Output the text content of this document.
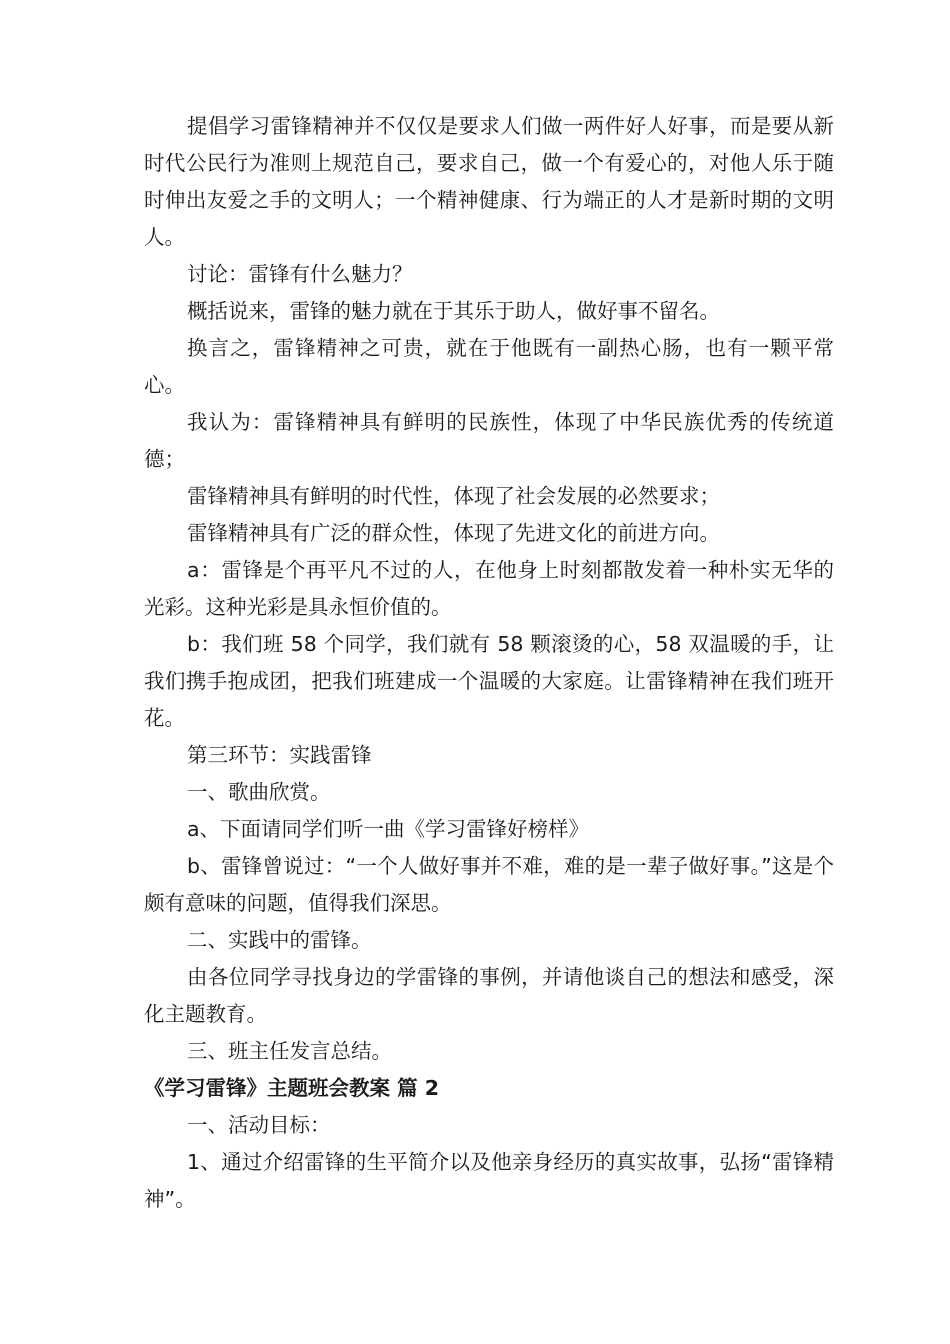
提倡学习雷锋精神并不仅仅是要求人们做一两件好人好事，而是要从新时代公民行为准则上规范自己，要求自己，做一个有爱心的，对他人乐于随时伸出友爱之手的文明人；一个精神健康、行为端正的人才是新时期的文明人。

讨论：雷锋有什么魅力？

概括说来，雷锋的魅力就在于其乐于助人，做好事不留名。

换言之，雷锋精神之可贵，就在于他既有一副热心肠，也有一颗平常心。

我认为：雷锋精神具有鲜明的民族性，体现了中华民族优秀的传统道德；

雷锋精神具有鲜明的时代性，体现了社会发展的必然要求；

雷锋精神具有广泛的群众性，体现了先进文化的前进方向。

a：雷锋是个再平凡不过的人，在他身上时刻都散发着一种朴实无华的光彩。这种光彩是具永恒价值的。

b：我们班 58 个同学，我们就有 58 颗滚烫的心，58 双温暖的手，让我们携手抱成团，把我们班建成一个温暖的大家庭。让雷锋精神在我们班开花。

第三环节：实践雷锋

一、歌曲欣赏。

a、下面请同学们听一曲《学习雷锋好榜样》

b、雷锋曾说过：“一个人做好事并不难，难的是一辈子做好事。”这是个颇有意味的问题，值得我们深思。

二、实践中的雷锋。

由各位同学寻找身边的学雷锋的事例，并请他谈自己的想法和感受，深化主题教育。

三、班主任发言总结。

《学习雷锋》主题班会教案 篇 2

一、活动目标：

1、通过介绍雷锋的生平简介以及他亲身经历的真实故事，弘扬“雷锋精神”。
